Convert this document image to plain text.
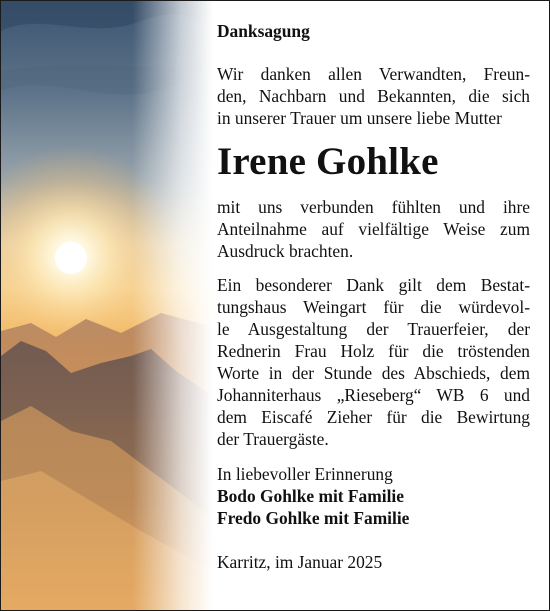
Danksagung

Wir danken allen Verwandten, Freun-
den, Nachbarn und Bekannten, die sich
in unserer Trauer um unsere liebe Mutter

Irene Gohlke

mit uns verbunden fühlten und ihre
Anteilnahme auf vielfältige Weise zum
Ausdruck brachten.

Ein besonderer Dank gilt dem Bestat-
tungshaus Weingart für die würdevol-
le Ausgestaltung der Trauerfeier, der
Rednerin Frau Holz für die tröstenden
Worte in der Stunde des Abschieds, dem
Johanniterhaus „Rieseberg“ WB 6 und
dem Eiscafé Zieher für die Bewirtung
der Trauergäste.

In liebevoller Erinnerung
Bodo Gohlke mit Familie
Fredo Gohlke mit Familie
Karritz, im Januar 2025
